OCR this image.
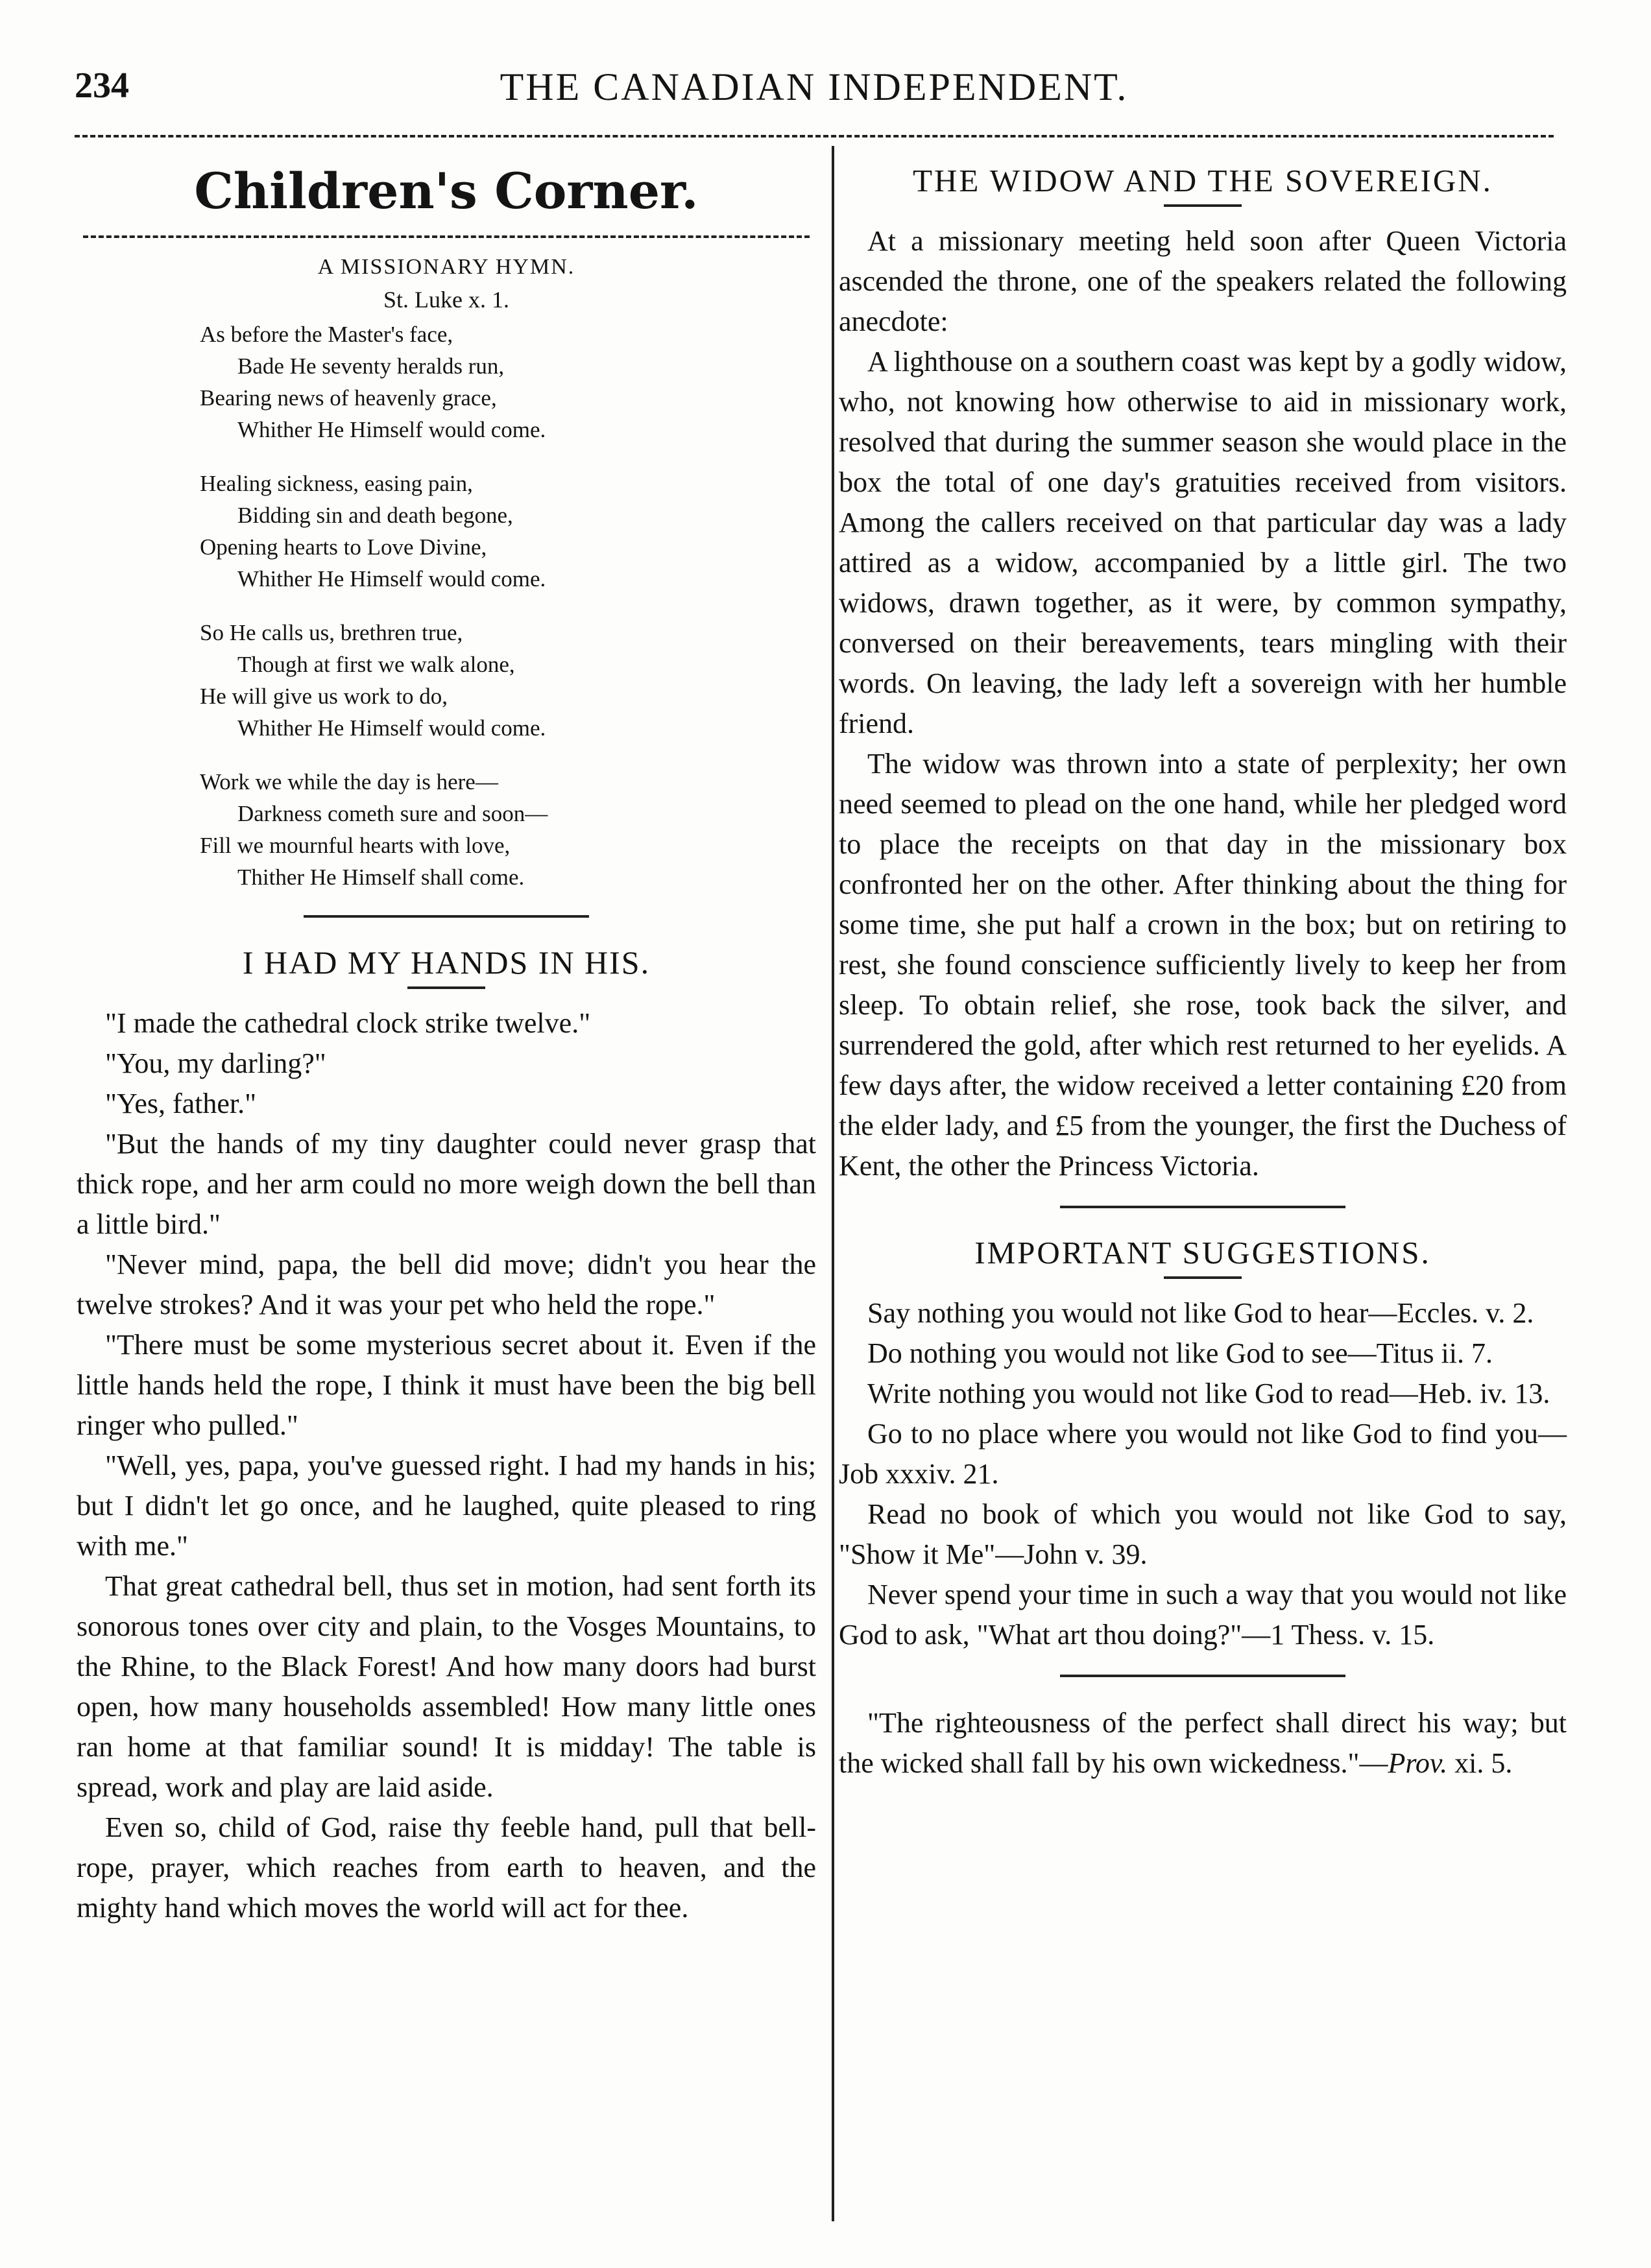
234	THE CANADIAN INDEPENDENT.
Children's Corner.
A MISSIONARY HYMN.
St. Luke x. 1.
As before the Master's face,
Bade He seventy heralds run,
Bearing news of heavenly grace,
Whither He Himself would come.
Healing sickness, easing pain,
Bidding sin and death begone,
Opening hearts to Love Divine,
Whither He Himself would come.
So He calls us, brethren true,
Though at first we walk alone,
He will give us work to do,
Whither He Himself would come.
Work we while the day is here—
Darkness cometh sure and soon—
Fill we mournful hearts with love,
Thither He Himself shall come.
I HAD MY HANDS IN HIS.

"I made the cathedral clock strike twelve."

"You, my darling?"

"Yes, father."

"But the hands of my tiny daughter could never grasp that thick rope, and her arm could no more weigh down the bell than a little bird."

"Never mind, papa, the bell did move; didn't you hear the twelve strokes? And it was your pet who held the rope."

"There must be some mysterious secret about it. Even if the little hands held the rope, I think it must have been the big bell ringer who pulled."

"Well, yes, papa, you've guessed right. I had my hands in his; but I didn't let go once, and he laughed, quite pleased to ring with me."

That great cathedral bell, thus set in motion, had sent forth its sonorous tones over city and plain, to the Vosges Mountains, to the Rhine, to the Black Forest! And how many doors had burst open, how many households assembled! How many little ones ran home at that familiar sound! It is midday! The table is spread, work and play are laid aside.

Even so, child of God, raise thy feeble hand, pull that bell-rope, prayer, which reaches from earth to heaven, and the mighty hand which moves the world will act for thee.

THE WIDOW AND THE SOVEREIGN.

At a missionary meeting held soon after Queen Victoria ascended the throne, one of the speakers related the following anecdote:

A lighthouse on a southern coast was kept by a godly widow, who, not knowing how otherwise to aid in missionary work, resolved that during the summer season she would place in the box the total of one day's gratuities received from visitors. Among the callers received on that particular day was a lady attired as a widow, accompanied by a little girl. The two widows, drawn together, as it were, by common sympathy, conversed on their bereavements, tears mingling with their words. On leaving, the lady left a sovereign with her humble friend.

The widow was thrown into a state of perplexity; her own need seemed to plead on the one hand, while her pledged word to place the receipts on that day in the missionary box confronted her on the other. After thinking about the thing for some time, she put half a crown in the box; but on retiring to rest, she found conscience sufficiently lively to keep her from sleep. To obtain relief, she rose, took back the silver, and surrendered the gold, after which rest returned to her eyelids. A few days after, the widow received a letter containing £20 from the elder lady, and £5 from the younger, the first the Duchess of Kent, the other the Princess Victoria.

IMPORTANT SUGGESTIONS.

Say nothing you would not like God to hear—Eccles. v. 2.

Do nothing you would not like God to see—Titus ii. 7.

Write nothing you would not like God to read—Heb. iv. 13.

Go to no place where you would not like God to find you—Job xxxiv. 21.

Read no book of which you would not like God to say, "Show it Me"—John v. 39.

Never spend your time in such a way that you would not like God to ask, "What art thou doing?"—1 Thess. v. 15.

"The righteousness of the perfect shall direct his way; but the wicked shall fall by his own wickedness."—Prov. xi. 5.
